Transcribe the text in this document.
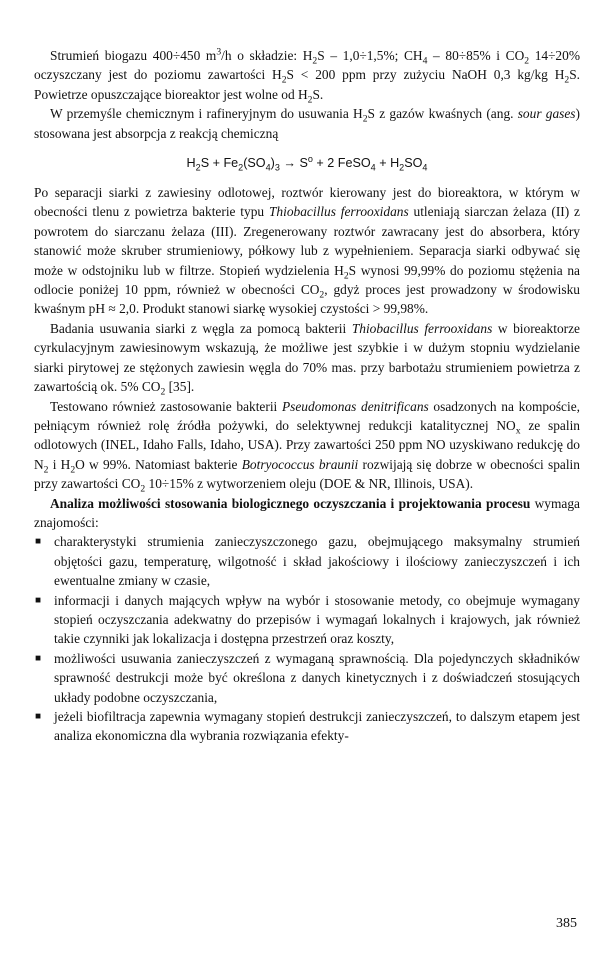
Strumień biogazu 400÷450 $m^3/h$ o składzie: $H_2S - 1,0\div 1,5\%$; $CH_4 - 80\div 85\%$ i $CO_2$ 14÷20% oczyszczany jest do poziomu zawartości $H_2S < 200$ ppm przy zużyciu NaOH 0,3 kg/kg $H_2S$. Powietrze opuszczające bioreaktor jest wolne od $H_2S$.

W przemyśle chemicznym i rafineryjnym do usuwania $H_2S$ z gazów kwaśnych (ang. sour gases) stosowana jest absorpcja z reakcją chemiczną

$H_2S + Fe_2(SO_4)_3 \to S^o + 2$ FeSO$_4$ + $H_2SO_4$

Po separacji siarki z zawiesiny odlotowej, roztwór kierowany jest do bioreaktora, w którym w obecności tlenu z powietrza bakterie typu Thiobacillus ferrooxidans utleniają siarczan żelaza (II) z powrotem do siarczanu żelaza (III). Zregenerowany roztwór zawracany jest do absorbera, który stanowić może skruber strumieniowy, półkowy lub z wypełnieniem. Separacja siarki odbywać się może w odstojniku lub w filtrze. Stopień wydzielenia $H_2S$ wynosi 99,99% do poziomu stężenia na odlocie poniżej 10 ppm, również w obecności $CO_2$, gdyż proces jest prowadzony w środowisku kwaśnym pH ≈ 2,0. Produkt stanowi siarkę wysokiej czystości > 99,98%.

Badania usuwania siarki z węgla za pomocą bakterii Thiobacillus ferrooxidans w bioreaktorze cyrkulacyjnym zawiesinowym wskazują, że możliwe jest szybkie i w dużym stopniu wydzielanie siarki pirytowej ze stężonych zawiesin węgla do 70% mas. przy barbotażu strumieniem powietrza z zawartością ok. 5% $CO_2$ [35].

Testowano również zastosowanie bakterii Pseudomonas denitrificans osadzonych na kompoście, pełniącym również rolę źródła pożywki, do selektywnej redukcji katalitycznej $NO_x$ ze spalin odlotowych (INEL, Idaho Falls, Idaho, USA). Przy zawartości 250 ppm NO uzyskiwano redukcję do $N_2$ i $H_2O$ w 99%. Natomiast bakterie Botryococcus braunii rozwijają się dobrze w obecności spalin przy zawartości $CO_2$ 10÷15% z wytworzeniem oleju (DOE & NR, Illinois, USA).

Analiza możliwości stosowania biologicznego oczyszczania i projektowania procesu wymaga znajomości:

■ charakterystyki strumienia zanieczyszczonego gazu, obejmującego maksymalny strumień objętości gazu, temperaturę, wilgotność i skład jakościowy i ilościowy zanieczyszczeń i ich ewentualne zmiany w czasie,
■ informacji i danych mających wpływ na wybór i stosowanie metody, co obejmuje wymagany stopień oczyszczania adekwatny do przepisów i wymagań lokalnych i krajowych, jak również takie czynniki jak lokalizacja i dostępna przestrzeń oraz koszty,
■ możliwości usuwania zanieczyszczeń z wymaganą sprawnością. Dla pojedynczych składników sprawność destrukcji może być określona z danych kinetycznych i z doświadczeń stosujących układy podobne oczyszczania,
■ jeżeli biofiltracja zapewnia wymagany stopień destrukcji zanieczyszczeń, to dalszym etapem jest analiza ekonomiczna dla wybrania rozwiązania efekty-
385
